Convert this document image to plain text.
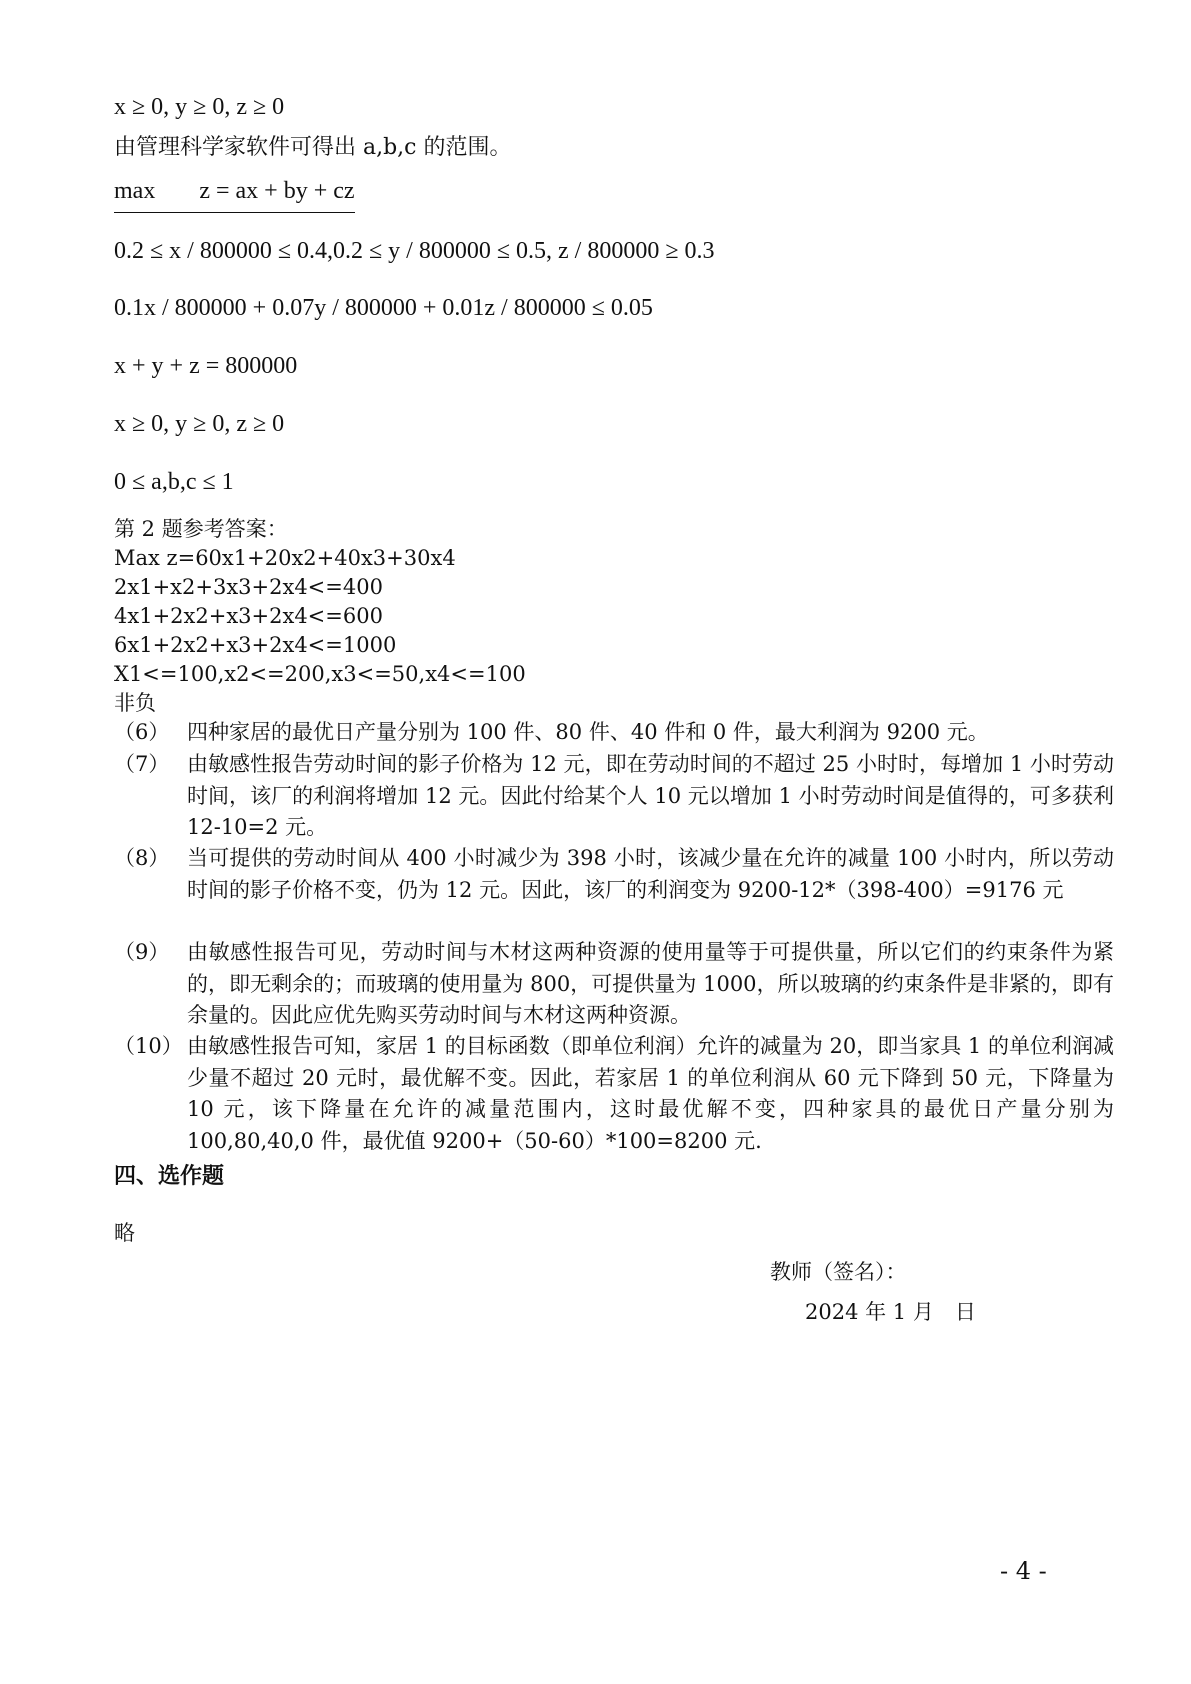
x ≥ 0, y ≥ 0, z ≥ 0
由管理科学家软件可得出 a,b,c 的范围。
max z = ax + by + cz
0.2 ≤ x / 800000 ≤ 0.4,0.2 ≤ y / 800000 ≤ 0.5, z / 800000 ≥ 0.3
0.1x / 800000 + 0.07y / 800000 + 0.01z / 800000 ≤ 0.05
x + y + z = 800000
x ≥ 0, y ≥ 0, z ≥ 0
0 ≤ a,b,c ≤ 1
第 2 题参考答案：
Max z=60x1+20x2+40x3+30x4
2x1+x2+3x3+2x4<=400
4x1+2x2+x3+2x4<=600
6x1+2x2+x3+2x4<=1000
X1<=100,x2<=200,x3<=50,x4<=100
非负
（6） 四种家居的最优日产量分别为 100 件、80 件、40 件和 0 件，最大利润为 9200 元。
（7） 由敏感性报告劳动时间的影子价格为 12 元，即在劳动时间的不超过 25 小时时，每增加 1 小时劳动时间，该厂的利润将增加 12 元。因此付给某个人 10 元以增加 1 小时劳动时间是值得的，可多获利 12-10=2 元。
（8） 当可提供的劳动时间从 400 小时减少为 398 小时，该减少量在允许的减量 100 小时内，所以劳动时间的影子价格不变，仍为 12 元。因此，该厂的利润变为 9200-12*（398-400）=9176 元
（9） 由敏感性报告可见，劳动时间与木材这两种资源的使用量等于可提供量，所以它们的约束条件为紧的，即无剩余的；而玻璃的使用量为 800，可提供量为 1000，所以玻璃的约束条件是非紧的，即有余量的。因此应优先购买劳动时间与木材这两种资源。
（10） 由敏感性报告可知，家居 1 的目标函数（即单位利润）允许的减量为 20，即当家具 1 的单位利润减少量不超过 20 元时，最优解不变。因此，若家居 1 的单位利润从 60 元下降到 50 元，下降量为 10 元，该下降量在允许的减量范围内，这时最优解不变，四种家具的最优日产量分别为 100,80,40,0 件，最优值 9200+（50-60）*100=8200 元.
四、选作题
略
教师（签名）：
2024 年 1 月　日
- 4 -
